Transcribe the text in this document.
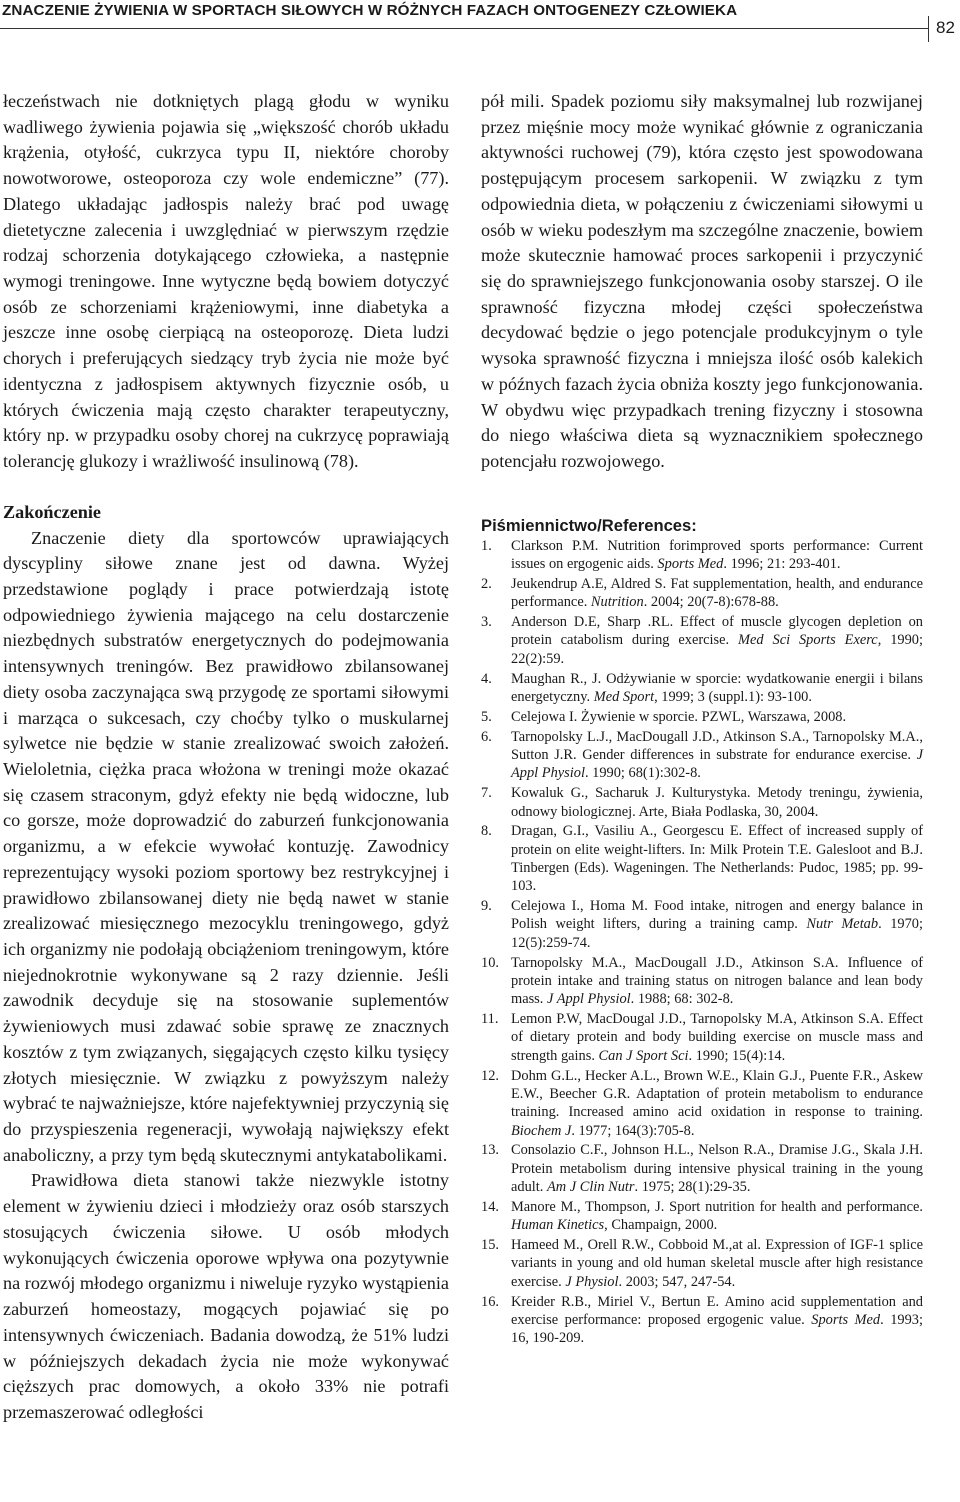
ZNACZENIE ŻYWIENIA W SPORTACH SIŁOWYCH W RÓŻNYCH FAZACH ONTOGENEZY CZŁOWIEKA
82

łeczeństwach nie dotkniętych plagą głodu w wyniku wadliwego żywienia pojawia się „większość chorób układu krążenia, otyłość, cukrzyca typu II, niektóre choroby nowotworowe, osteoporoza czy wole endemiczne” (77). Dlatego układając jadłospis należy brać pod uwagę dietetyczne zalecenia i uwzględniać w pierwszym rzędzie rodzaj schorzenia dotykającego człowieka, a następnie wymogi treningowe. Inne wytyczne będą bowiem dotyczyć osób ze schorzeniami krążeniowymi, inne diabetyka a jeszcze inne osobę cierpiącą na osteoporozę. Dieta ludzi chorych i preferujących siedzący tryb życia nie może być identyczna z jadłospisem aktywnych fizycznie osób, u których ćwiczenia mają często charakter terapeutyczny, który np. w przypadku osoby chorej na cukrzycę poprawiają tolerancję glukozy i wrażliwość insulinową (78).

Zakończenie

Znaczenie diety dla sportowców uprawiających dyscypliny siłowe znane jest od dawna. Wyżej przedstawione poglądy i prace potwierdzają istotę odpowiedniego żywienia mającego na celu dostarczenie niezbędnych substratów energetycznych do podejmowania intensywnych treningów. Bez prawidłowo zbilansowanej diety osoba zaczynająca swą przygodę ze sportami siłowymi i marząca o sukcesach, czy choćby tylko o muskularnej sylwetce nie będzie w stanie zrealizować swoich założeń. Wieloletnia, ciężka praca włożona w treningi może okazać się czasem straconym, gdyż efekty nie będą widoczne, lub co gorsze, może doprowadzić do zaburzeń funkcjonowania organizmu, a w efekcie wywołać kontuzję. Zawodnicy reprezentujący wysoki poziom sportowy bez restrykcyjnej i prawidłowo zbilansowanej diety nie będą nawet w stanie zrealizować miesięcznego mezocyklu treningowego, gdyż ich organizmy nie podołają obciążeniom treningowym, które niejednokrotnie wykonywane są 2 razy dziennie. Jeśli zawodnik decyduje się na stosowanie suplementów żywieniowych musi zdawać sobie sprawę ze znacznych kosztów z tym związanych, sięgających często kilku tysięcy złotych miesięcznie. W związku z powyższym należy wybrać te najważniejsze, które najefektywniej przyczynią się do przyspieszenia regeneracji, wywołają największy efekt anaboliczny, a przy tym będą skutecznymi antykatabolikami.

Prawidłowa dieta stanowi także niezwykle istotny element w żywieniu dzieci i młodzieży oraz osób starszych stosujących ćwiczenia siłowe. U osób młodych wykonujących ćwiczenia oporowe wpływa ona pozytywnie na rozwój młodego organizmu i niweluje ryzyko wystąpienia zaburzeń homeostazy, mogących pojawiać się po intensywnych ćwiczeniach. Badania dowodzą, że 51% ludzi w późniejszych dekadach życia nie może wykonywać cięższych prac domowych, a około 33% nie potrafi przemaszerować odległości

pół mili. Spadek poziomu siły maksymalnej lub rozwijanej przez mięśnie mocy może wynikać głównie z ograniczania aktywności ruchowej (79), która często jest spowodowana postępującym procesem sarkopenii. W związku z tym odpowiednia dieta, w połączeniu z ćwiczeniami siłowymi u osób w wieku podeszłym ma szczególne znaczenie, bowiem może skutecznie hamować proces sarkopenii i przyczynić się do sprawniejszego funkcjonowania osoby starszej. O ile sprawność fizyczna młodej części społeczeństwa decydować będzie o jego potencjale produkcyjnym o tyle wysoka sprawność fizyczna i mniejsza ilość osób kalekich w późnych fazach życia obniża koszty jego funkcjonowania. W obydwu więc przypadkach trening fizyczny i stosowna do niego właściwa dieta są wyznacznikiem społecznego potencjału rozwojowego.

Piśmiennictwo/References:
1. Clarkson P.M. Nutrition forimproved sports performance: Current issues on ergogenic aids. Sports Med. 1996; 21: 293-401.
2. Jeukendrup A.E, Aldred S. Fat supplementation, health, and endurance performance. Nutrition. 2004; 20(7-8):678-88.
3. Anderson D.E, Sharp .RL. Effect of muscle glycogen depletion on protein catabolism during exercise. Med Sci Sports Exerc, 1990; 22(2):59.
4. Maughan R., J. Odżywianie w sporcie: wydatkowanie energii i bilans energetyczny. Med Sport, 1999; 3 (suppl.1): 93-100.
5. Celejowa I. Żywienie w sporcie. PZWL, Warszawa, 2008.
6. Tarnopolsky L.J., MacDougall J.D., Atkinson S.A., Tarnopolsky M.A., Sutton J.R. Gender differences in substrate for endurance exercise. J Appl Physiol. 1990; 68(1):302-8.
7. Kowaluk G., Sacharuk J. Kulturystyka. Metody treningu, żywienia, odnowy biologicznej. Arte, Biała Podlaska, 30, 2004.
8. Dragan, G.I., Vasiliu A., Georgescu E. Effect of increased supply of protein on elite weight-lifters. In: Milk Protein T.E. Galesloot and B.J. Tinbergen (Eds). Wageningen. The Netherlands: Pudoc, 1985; pp. 99-103.
9. Celejowa I., Homa M. Food intake, nitrogen and energy balance in Polish weight lifters, during a training camp. Nutr Metab. 1970; 12(5):259-74.
10. Tarnopolsky M.A., MacDougall J.D., Atkinson S.A. Influence of protein intake and training status on nitrogen balance and lean body mass. J Appl Physiol. 1988; 68: 302-8.
11. Lemon P.W, MacDougal J.D., Tarnopolsky M.A, Atkinson S.A. Effect of dietary protein and body building exercise on muscle mass and strength gains. Can J Sport Sci. 1990; 15(4):14.
12. Dohm G.L., Hecker A.L., Brown W.E., Klain G.J., Puente F.R., Askew E.W., Beecher G.R. Adaptation of protein metabolism to endurance training. Increased amino acid oxidation in response to training. Biochem J. 1977; 164(3):705-8.
13. Consolazio C.F., Johnson H.L., Nelson R.A., Dramise J.G., Skala J.H. Protein metabolism during intensive physical training in the young adult. Am J Clin Nutr. 1975; 28(1):29-35.
14. Manore M., Thompson, J. Sport nutrition for health and performance. Human Kinetics, Champaign, 2000.
15. Hameed M., Orell R.W., Cobboid M.,at al. Expression of IGF-1 splice variants in young and old human skeletal muscle after high resistance exercise. J Physiol. 2003; 547, 247-54.
16. Kreider R.B., Miriel V., Bertun E. Amino acid supplementation and exercise performance: proposed ergogenic value. Sports Med. 1993; 16, 190-209.
